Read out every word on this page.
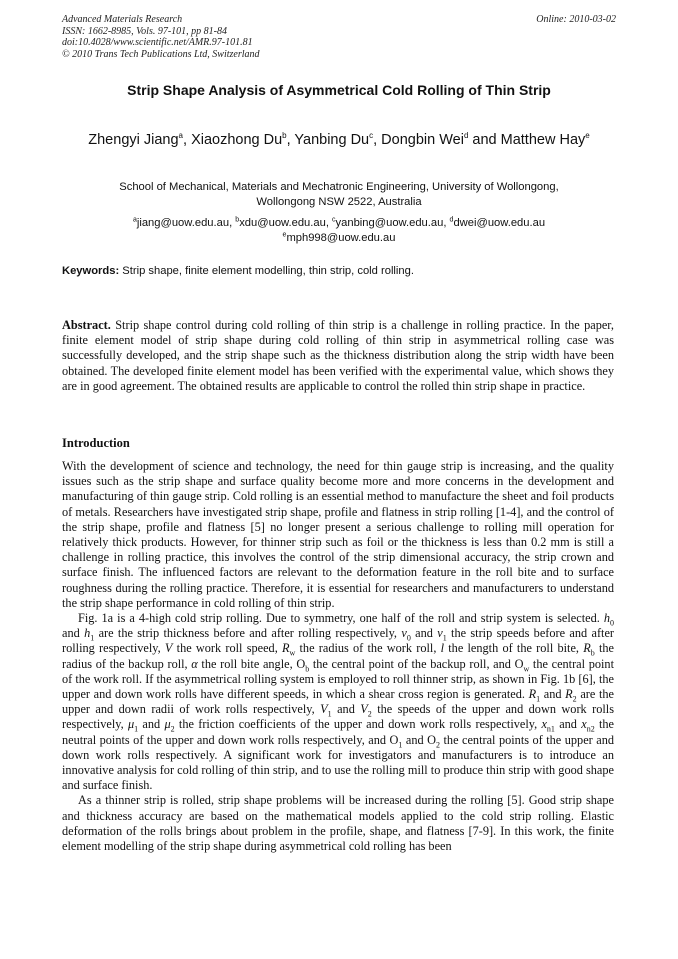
Advanced Materials Research
ISSN: 1662-8985, Vols. 97-101, pp 81-84
doi:10.4028/www.scientific.net/AMR.97-101.81
© 2010 Trans Tech Publications Ltd, Switzerland
Online: 2010-03-02
Strip Shape Analysis of Asymmetrical Cold Rolling of Thin Strip
Zhengyi Jiang$^a$, Xiaozhong Du$^b$, Yanbing Du$^c$, Dongbin Wei$^d$ and Matthew Hay$^e$
School of Mechanical, Materials and Mechatronic Engineering, University of Wollongong,
Wollongong NSW 2522, Australia
$^a$jiang@uow.edu.au, $^b$xdu@uow.edu.au, $^c$yanbing@uow.edu.au, $^d$dwei@uow.edu.au
$^e$mph998@uow.edu.au
Keywords: Strip shape, finite element modelling, thin strip, cold rolling.

Abstract. Strip shape control during cold rolling of thin strip is a challenge in rolling practice. In the paper, finite element model of strip shape during cold rolling of thin strip in asymmetrical rolling case was successfully developed, and the strip shape such as the thickness distribution along the strip width have been obtained. The developed finite element model has been verified with the experimental value, which shows they are in good agreement. The obtained results are applicable to control the rolled thin strip shape in practice.

Introduction

With the development of science and technology, the need for thin gauge strip is increasing, and the quality issues such as the strip shape and surface quality become more and more concerns in the development and manufacturing of thin gauge strip. Cold rolling is an essential method to manufacture the sheet and foil products of metals. Researchers have investigated strip shape, profile and flatness in strip rolling [1-4], and the control of the strip shape, profile and flatness [5] no longer present a serious challenge to rolling mill operation for relatively thick products. However, for thinner strip such as foil or the thickness is less than 0.2 mm is still a challenge in rolling practice, this involves the control of the strip dimensional accuracy, the strip crown and surface finish. The influenced factors are relevant to the deformation feature in the roll bite and to surface roughness during the rolling practice. Therefore, it is essential for researchers and manufacturers to understand the strip shape performance in cold rolling of thin strip.

Fig. 1a is a 4-high cold strip rolling. Due to symmetry, one half of the roll and strip system is selected. $h_0$ and $h_1$ are the strip thickness before and after rolling respectively, $v_0$ and $v_1$ the strip speeds before and after rolling respectively, V the work roll speed, $R_w$ the radius of the work roll, l the length of the roll bite, $R_b$ the radius of the backup roll, α the roll bite angle, $O_b$ the central point of the backup roll, and $O_w$ the central point of the work roll. If the asymmetrical rolling system is employed to roll thinner strip, as shown in Fig. 1b [6], the upper and down work rolls have different speeds, in which a shear cross region is generated. $R_1$ and $R_2$ are the upper and down radii of work rolls respectively, $V_1$ and $V_2$ the speeds of the upper and down work rolls respectively, $\mu_1$ and $\mu_2$ the friction coefficients of the upper and down work rolls respectively, $x_{n1}$ and $x_{n2}$ the neutral points of the upper and down work rolls respectively, and $O_1$ and $O_2$ the central points of the upper and down work rolls respectively. A significant work for investigators and manufacturers is to introduce an innovative analysis for cold rolling of thin strip, and to use the rolling mill to produce thin strip with good shape and surface finish.

As a thinner strip is rolled, strip shape problems will be increased during the rolling [5]. Good strip shape and thickness accuracy are based on the mathematical models applied to the cold strip rolling. Elastic deformation of the rolls brings about problem in the profile, shape, and flatness [7-9]. In this work, the finite element modelling of the strip shape during asymmetrical cold rolling has been
